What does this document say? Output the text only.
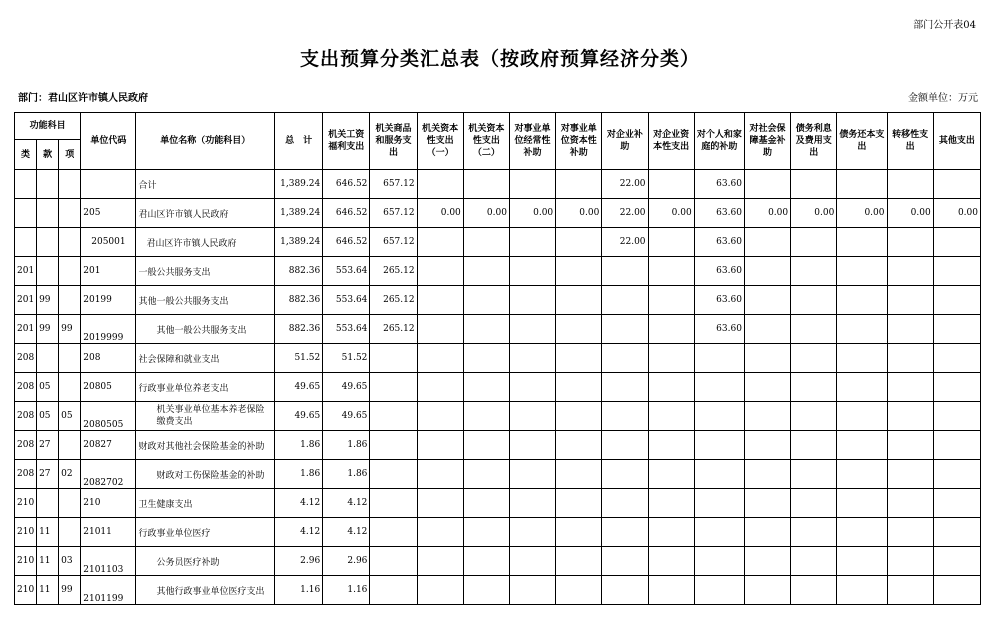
部门公开表04
支出预算分类汇总表（按政府预算经济分类）
部门：君山区许市镇人民政府	金额单位：万元
功能科目			单位代码	单位名称（功能科目）	总　计	机关工资福利支出	机关商品和服务支出	机关资本性支出（一）	机关资本性支出（二）	对事业单位经常性补助	对事业单位资本性补助	对企业补助	对企业资本性支出	对个人和家庭的补助	对社会保障基金补助	债务利息及费用支出	债务还本支出	转移性支出	其他支出
类	款	项																	
				合计	1,389.24	646.52	657.12					22.00		63.60					
			205	君山区许市镇人民政府	1,389.24	646.52	657.12	0.00	0.00	0.00	0.00	22.00	0.00	63.60	0.00	0.00	0.00	0.00	0.00
			205001	君山区许市镇人民政府	1,389.24	646.52	657.12					22.00		63.60					
201			201	一般公共服务支出	882.36	553.64	265.12							63.60					
201	99		20199	其他一般公共服务支出	882.36	553.64	265.12							63.60					
201	99	99	2019999	其他一般公共服务支出	882.36	553.64	265.12							63.60					
208			208	社会保障和就业支出	51.52	51.52													
208	05		20805	行政事业单位养老支出	49.65	49.65													
208	05	05	2080505	机关事业单位基本养老保险缴费支出	49.65	49.65													
208	27		20827	财政对其他社会保险基金的补助	1.86	1.86													
208	27	02	2082702	财政对工伤保险基金的补助	1.86	1.86													
210			210	卫生健康支出	4.12	4.12													
210	11		21011	行政事业单位医疗	4.12	4.12													
210	11	03	2101103	公务员医疗补助	2.96	2.96													
210	11	99	2101199	其他行政事业单位医疗支出	1.16	1.16													
